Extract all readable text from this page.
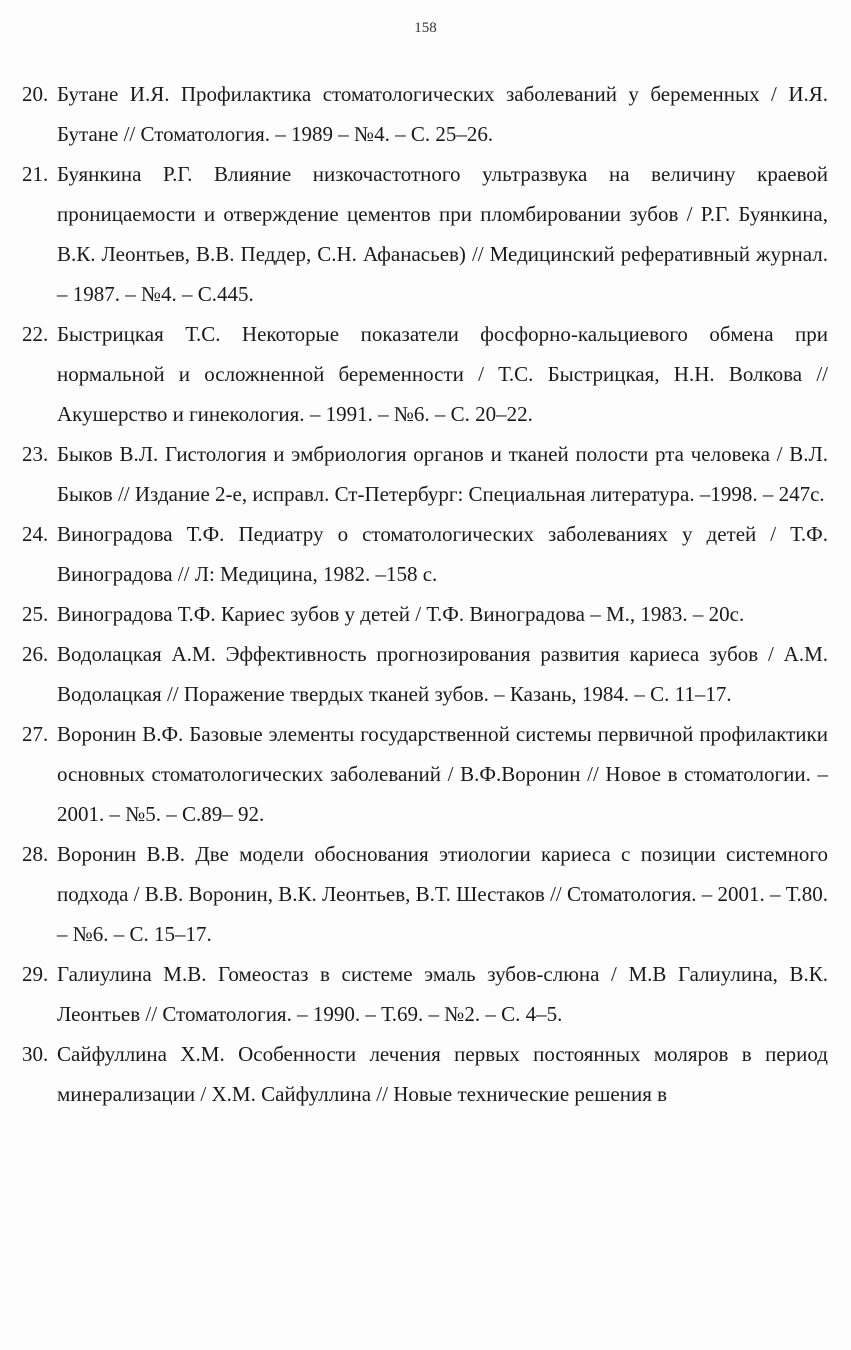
158
20. Бутане И.Я. Профилактика стоматологических заболеваний у беременных / И.Я. Бутане // Стоматология. – 1989 – №4. – С. 25–26.
21. Буянкина Р.Г. Влияние низкочастотного ультразвука на величину краевой проницаемости и отверждение цементов при пломбировании зубов / Р.Г. Буянкина, В.К. Леонтьев, В.В. Педдер, С.Н. Афанасьев) // Медицинский реферативный журнал. – 1987. – №4. – С.445.
22. Быстрицкая Т.С. Некоторые показатели фосфорно-кальциевого обмена при нормальной и осложненной беременности / Т.С. Быстрицкая, Н.Н. Волкова // Акушерство и гинекология. – 1991. – №6. – С. 20–22.
23. Быков В.Л. Гистология и эмбриология органов и тканей полости рта человека / В.Л. Быков // Издание 2-е, исправл. Ст-Петербург: Специальная литература. –1998. – 247с.
24. Виноградова Т.Ф. Педиатру о стоматологических заболеваниях у детей / Т.Ф. Виноградова // Л: Медицина, 1982. –158 с.
25. Виноградова Т.Ф. Кариес зубов у детей / Т.Ф. Виноградова – М., 1983. – 20с.
26. Водолацкая А.М. Эффективность прогнозирования развития кариеса зубов / А.М. Водолацкая // Поражение твердых тканей зубов. – Казань, 1984. – С. 11–17.
27. Воронин В.Ф. Базовые элементы государственной системы первичной профилактики основных стоматологических заболеваний / В.Ф.Воронин // Новое в стоматологии. – 2001. – №5. – С.89– 92.
28. Воронин В.В. Две модели обоснования этиологии кариеса с позиции системного подхода / В.В. Воронин, В.К. Леонтьев, В.Т. Шестаков // Стоматология. – 2001. – Т.80. – №6. – С. 15–17.
29. Галиулина М.В. Гомеостаз в системе эмаль зубов-слюна / М.В Галиулина, В.К. Леонтьев // Стоматология. – 1990. – Т.69. – №2. – С. 4–5.
30. Сайфуллина Х.М. Особенности лечения первых постоянных моляров в период минерализации / Х.М. Сайфуллина // Новые технические решения в
